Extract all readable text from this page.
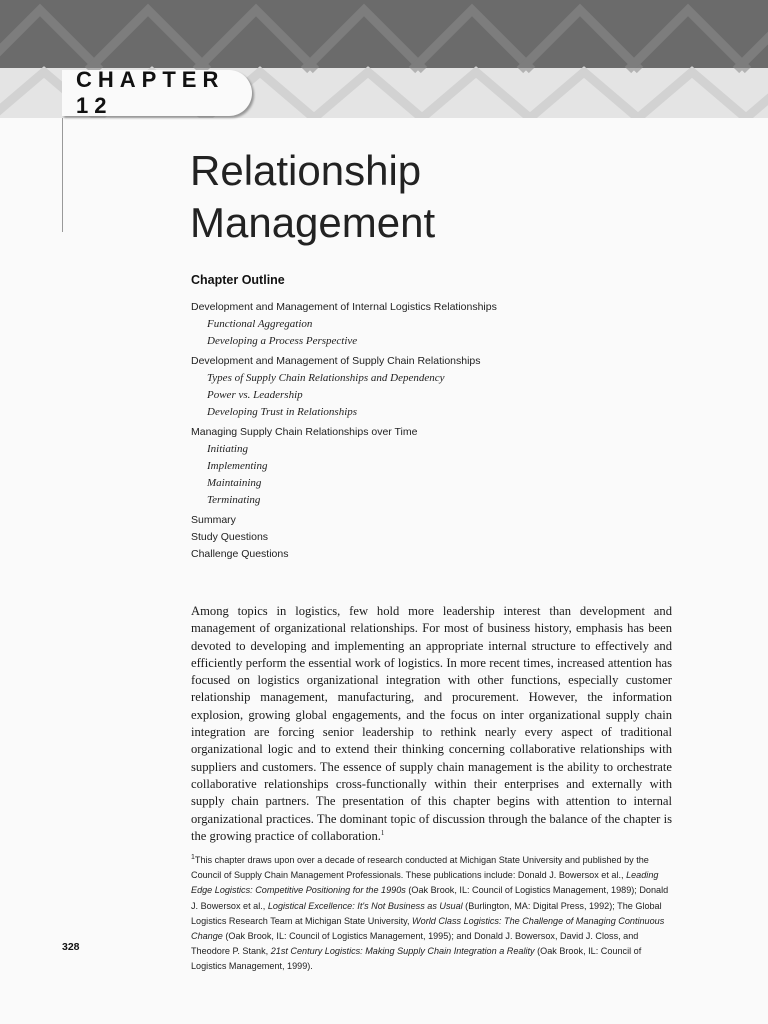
CHAPTER 12
Relationship
Management
Chapter Outline
Development and Management of Internal Logistics Relationships
Functional Aggregation
Developing a Process Perspective
Development and Management of Supply Chain Relationships
Types of Supply Chain Relationships and Dependency
Power vs. Leadership
Developing Trust in Relationships
Managing Supply Chain Relationships over Time
Initiating
Implementing
Maintaining
Terminating
Summary
Study Questions
Challenge Questions

Among topics in logistics, few hold more leadership interest than development and management of organizational relationships. For most of business history, emphasis has been devoted to developing and implementing an appropriate internal structure to effectively and efficiently perform the essential work of logistics. In more recent times, increased attention has focused on logistics organizational integration with other functions, especially customer relationship management, manufacturing, and procurement. However, the information explosion, growing global engagements, and the focus on inter organizational supply chain integration are forcing senior leadership to rethink nearly every aspect of traditional organizational logic and to extend their thinking concerning collaborative relationships with suppliers and customers. The essence of supply chain management is the ability to orchestrate collaborative relationships cross-functionally within their enterprises and externally with supply chain partners. The presentation of this chapter begins with attention to internal organizational practices. The dominant topic of discussion through the balance of the chapter is the growing practice of collaboration.$^1$

$^1$This chapter draws upon over a decade of research conducted at Michigan State University and published by the Council of Supply Chain Management Professionals. These publications include: Donald J. Bowersox et al., Leading Edge Logistics: Competitive Positioning for the 1990s (Oak Brook, IL: Council of Logistics Management, 1989); Donald J. Bowersox et al., Logistical Excellence: It's Not Business as Usual (Burlington, MA: Digital Press, 1992); The Global Logistics Research Team at Michigan State University, World Class Logistics: The Challenge of Managing Continuous Change (Oak Brook, IL: Council of Logistics Management, 1995); and Donald J. Bowersox, David J. Closs, and Theodore P. Stank, 21st Century Logistics: Making Supply Chain Integration a Reality (Oak Brook, IL: Council of Logistics Management, 1999).

328
